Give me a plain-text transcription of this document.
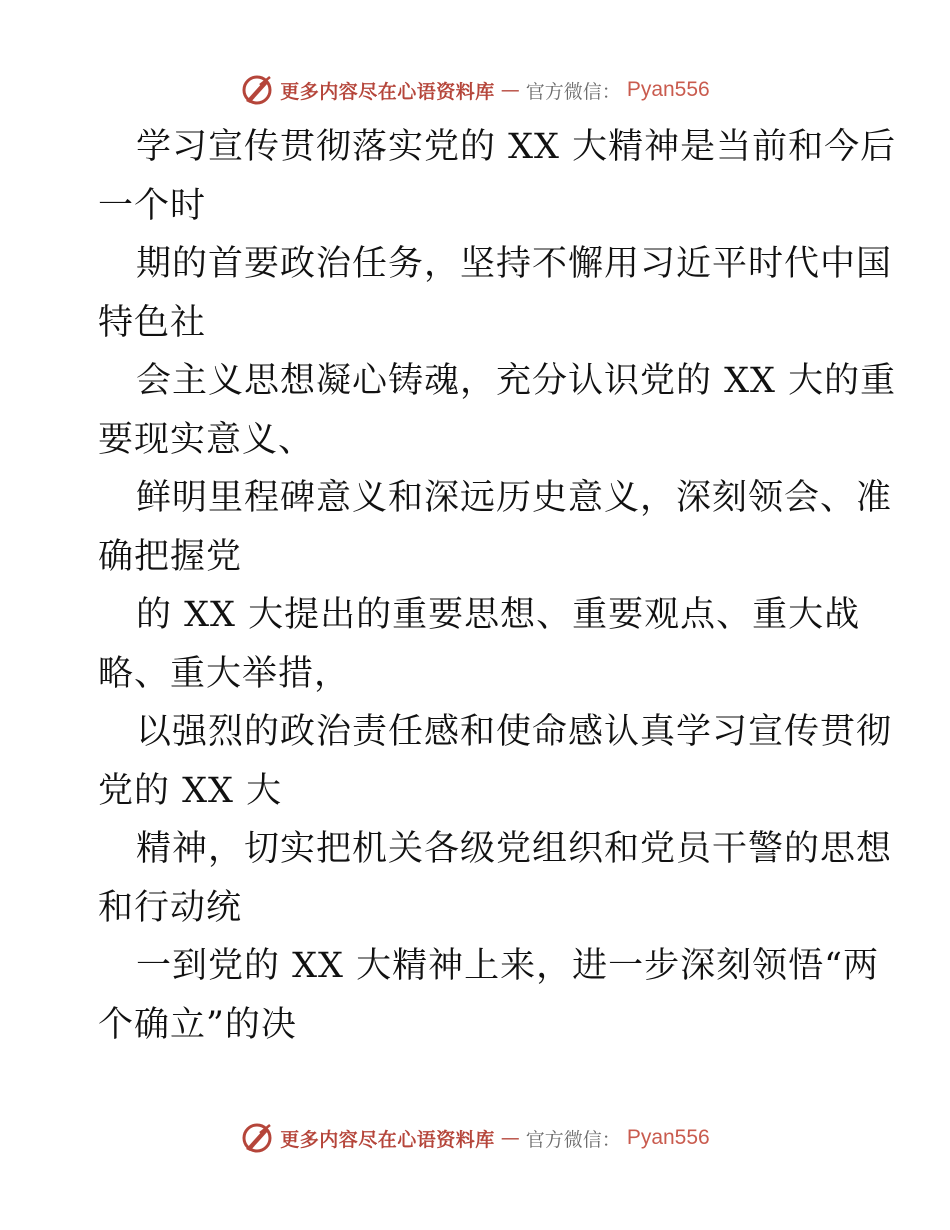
更多内容尽在心语资料库 — 官方微信： Pyan556
学习宣传贯彻落实党的 XX 大精神是当前和今后
一个时
期的首要政治任务，坚持不懈用习近平时代中国
特色社
会主义思想凝心铸魂，充分认识党的 XX 大的重
要现实意义、
鲜明里程碑意义和深远历史意义，深刻领会、准
确把握党
的 XX 大提出的重要思想、重要观点、重大战
略、重大举措，
以强烈的政治责任感和使命感认真学习宣传贯彻
党的 XX 大
精神，切实把机关各级党组织和党员干警的思想
和行动统
一到党的 XX 大精神上来，进一步深刻领悟“两
个确立”的决
更多内容尽在心语资料库 — 官方微信： Pyan556
